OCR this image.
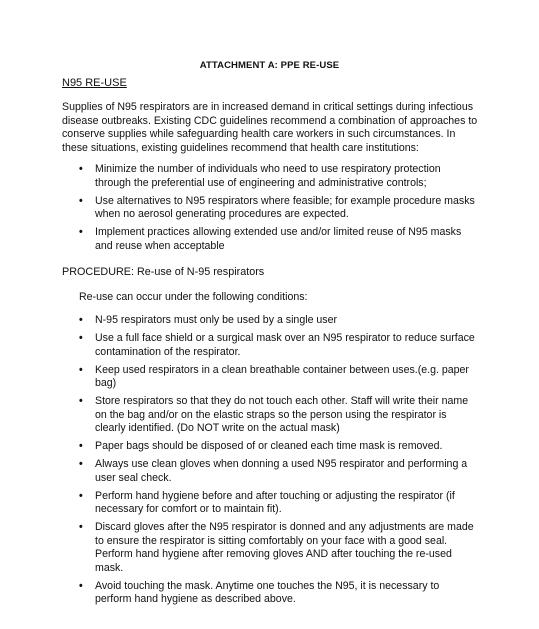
ATTACHMENT A: PPE RE-USE
N95 RE-USE

Supplies of N95 respirators are in increased demand in critical settings during infectious disease outbreaks. Existing CDC guidelines recommend a combination of approaches to conserve supplies while safeguarding health care workers in such circumstances. In these situations, existing guidelines recommend that health care institutions:

• Minimize the number of individuals who need to use respiratory protection through the preferential use of engineering and administrative controls;
• Use alternatives to N95 respirators where feasible; for example procedure masks when no aerosol generating procedures are expected.
• Implement practices allowing extended use and/or limited reuse of N95 masks and reuse when acceptable
PROCEDURE: Re-use of N-95 respirators
Re-use can occur under the following conditions:
• N-95 respirators must only be used by a single user
• Use a full face shield or a surgical mask over an N95 respirator to reduce surface contamination of the respirator.
• Keep used respirators in a clean breathable container between uses.(e.g. paper bag)
• Store respirators so that they do not touch each other. Staff will write their name on the bag and/or on the elastic straps so the person using the respirator is clearly identified. (Do NOT write on the actual mask)
• Paper bags should be disposed of or cleaned each time mask is removed.
• Always use clean gloves when donning a used N95 respirator and performing a user seal check.
• Perform hand hygiene before and after touching or adjusting the respirator (if necessary for comfort or to maintain fit).
• Discard gloves after the N95 respirator is donned and any adjustments are made to ensure the respirator is sitting comfortably on your face with a good seal. Perform hand hygiene after removing gloves AND after touching the re-used mask.
• Avoid touching the mask. Anytime one touches the N95, it is necessary to perform hand hygiene as described above.
